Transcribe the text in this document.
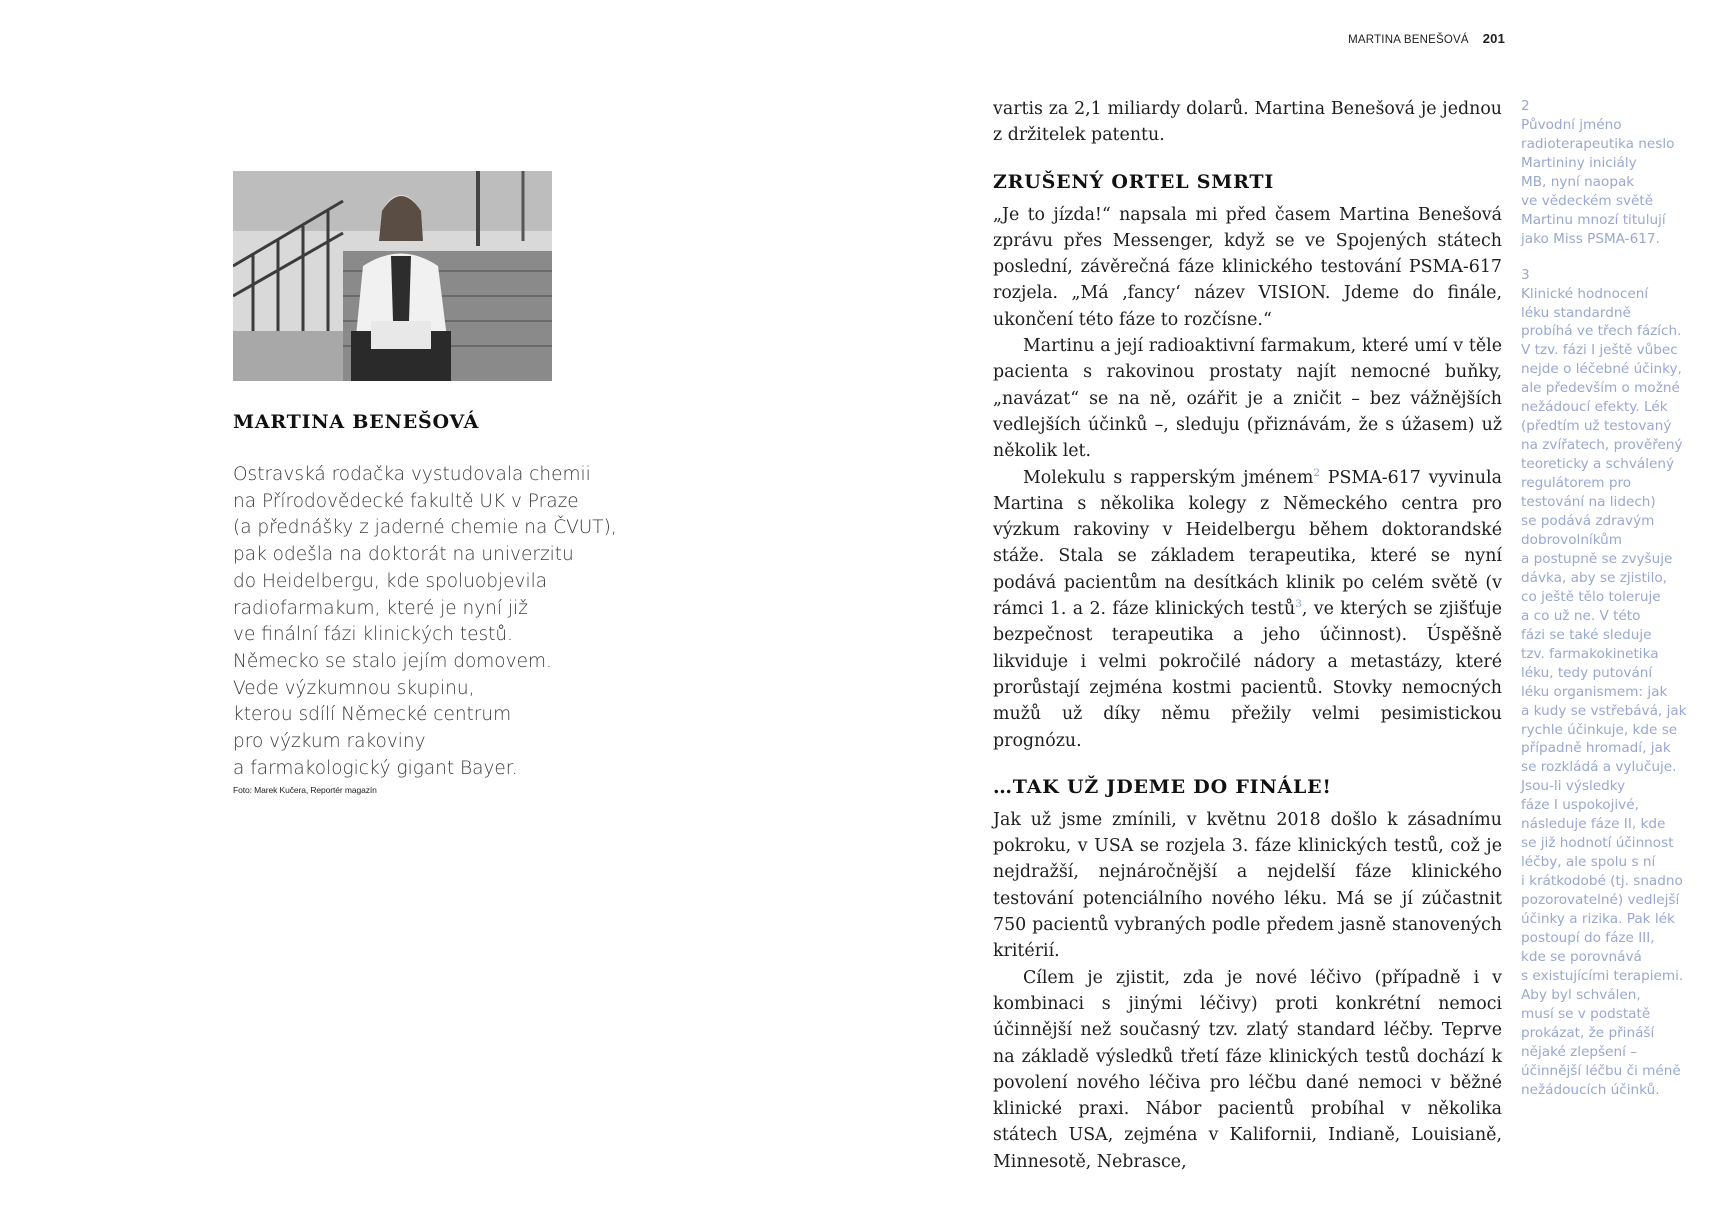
MARTINA BENEŠOVÁ 201
MARTINA BENEŠOVÁ

Ostravská rodačka vystudovala chemii
na Přírodovědecké fakultě UK v Praze
(a přednášky z jaderné chemie na ČVUT),
pak odešla na doktorát na univerzitu
do Heidelbergu, kde spoluobjevila
radiofarmakum, které je nyní již
ve finální fázi klinických testů.
Německo se stalo jejím domovem.
Vede výzkumnou skupinu,
kterou sdílí Německé centrum
pro výzkum rakoviny
a farmakologický gigant Bayer.

Foto: Marek Kučera, Reportér magazín

vartis za 2,1 miliardy dolarů. Martina Benešová je jednou z držitelek patentu.

ZRUŠENÝ ORTEL SMRTI

„Je to jízda!“ napsala mi před časem Martina Benešová zprávu přes Messenger, když se ve Spojených státech poslední, závěrečná fáze klinického testování PSMA-617 rozjela. „Má ‚fancy‘ název VISION. Jdeme do finále, ukončení této fáze to rozčísne.“

Martinu a její radioaktivní farmakum, které umí v těle pacienta s rakovinou prostaty najít nemocné buňky, „navázat“ se na ně, ozářit je a zničit – bez vážnějších vedlejších účinků –, sleduju (přiznávám, že s úžasem) už několik let.

Molekulu s rapperským jménem$^2$ PSMA-617 vyvinula Martina s několika kolegy z Německého centra pro výzkum rakoviny v Heidelbergu během doktorandské stáže. Stala se základem terapeutika, které se nyní podává pacientům na desítkách klinik po celém světě (v rámci 1. a 2. fáze klinických testů$^3$, ve kterých se zjišťuje bezpečnost terapeutika a jeho účinnost). Úspěšně likviduje i velmi pokročilé nádory a metastázy, které prorůstají zejména kostmi pacientů. Stovky nemocných mužů už díky němu přežily velmi pesimistickou prognózu.

…TAK UŽ JDEME DO FINÁLE!

Jak už jsme zmínili, v květnu 2018 došlo k zásadnímu pokroku, v USA se rozjela 3. fáze klinických testů, což je nejdražší, nejnáročnější a nejdelší fáze klinického testování potenciálního nového léku. Má se jí zúčastnit 750 pacientů vybraných podle předem jasně stanovených kritérií.

Cílem je zjistit, zda je nové léčivo (případně i v kombinaci s jinými léčivy) proti konkrétní nemoci účinnější než současný tzv. zlatý standard léčby. Teprve na základě výsledků třetí fáze klinických testů dochází k povolení nového léčiva pro léčbu dané nemoci v běžné klinické praxi. Nábor pacientů probíhal v několika státech USA, zejména v Kalifornii, Indianě, Louisianě, Minnesotě, Nebrasce,

2
Původní jméno
radioterapeutika neslo
Martininy iniciály
MB, nyní naopak
ve vědeckém světě
Martinu mnozí titulují
jako Miss PSMA-617.
3
Klinické hodnocení
léku standardně
probíhá ve třech fázích.
V tzv. fázi I ještě vůbec
nejde o léčebné účinky,
ale především o možné
nežádoucí efekty. Lék
(předtím už testovaný
na zvířatech, prověřený
teoreticky a schválený
regulátorem pro
testování na lidech)
se podává zdravým
dobrovolníkům
a postupně se zvyšuje
dávka, aby se zjistilo,
co ještě tělo toleruje
a co už ne. V této
fázi se také sleduje
tzv. farmakokinetika
léku, tedy putování
léku organismem: jak
a kudy se vstřebává, jak
rychle účinkuje, kde se
případně hromadí, jak
se rozkládá a vylučuje.
Jsou-li výsledky
fáze I uspokojivé,
následuje fáze II, kde
se již hodnotí účinnost
léčby, ale spolu s ní
i krátkodobé (tj. snadno
pozorovatelné) vedlejší
účinky a rizika. Pak lék
postoupí do fáze III,
kde se porovnává
s existujícími terapiemi.
Aby byl schválen,
musí se v podstatě
prokázat, že přináší
nějaké zlepšení –
účinnější léčbu či méně
nežádoucích účinků.
